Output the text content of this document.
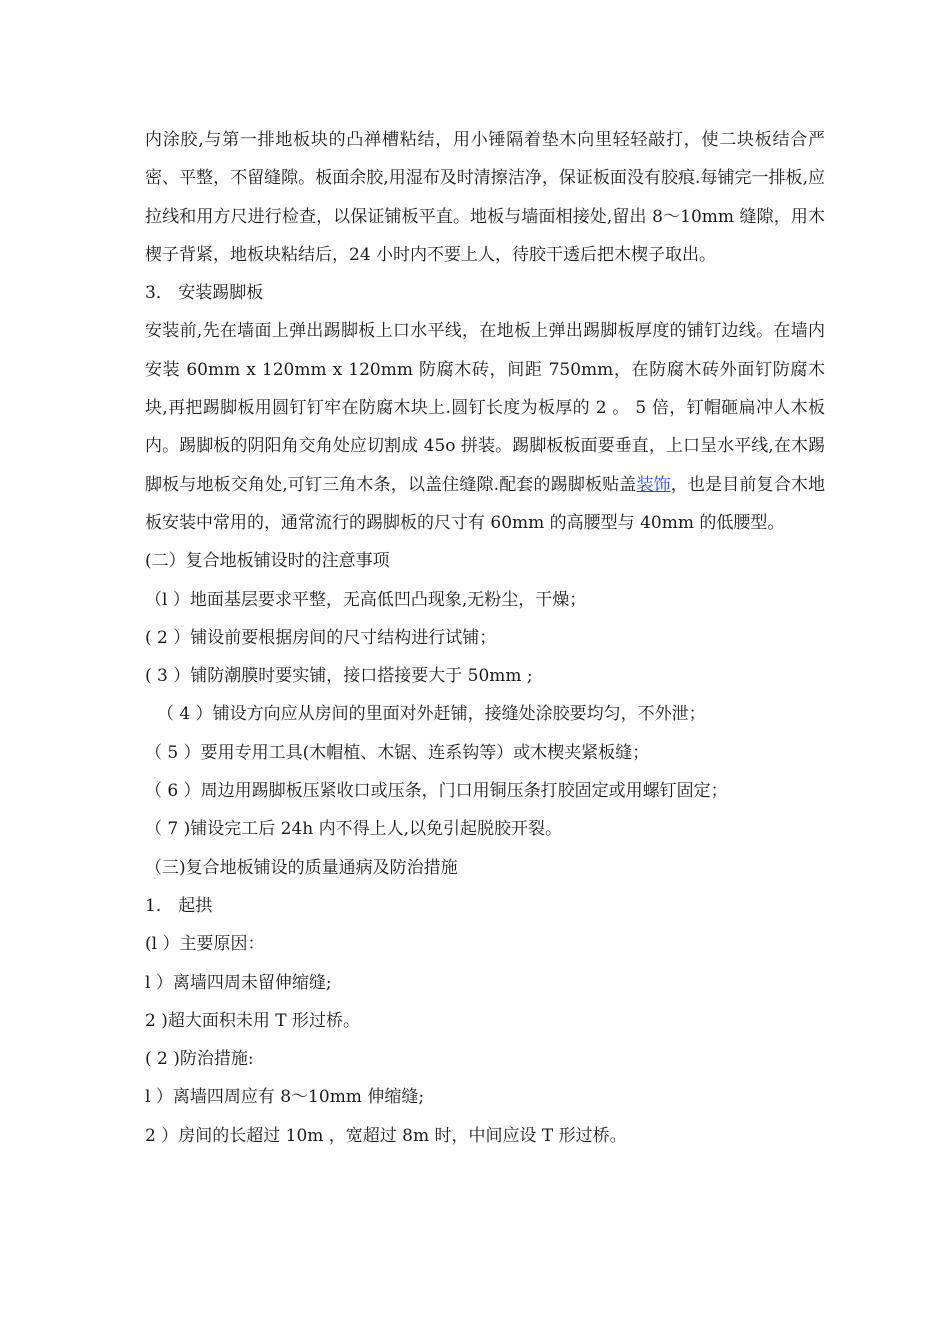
内涂胶,与第一排地板块的凸禅槽粘结，用小锤隔着垫木向里轻轻敲打，使二块板结合严密、平整，不留缝隙。板面余胶,用湿布及时清擦洁净，保证板面没有胶痕.每铺完一排板,应拉线和用方尺进行检查，以保证铺板平直。地板与墙面相接处,留出 8～10mm 缝隙，用木楔子背紧，地板块粘结后，24 小时内不要上人，待胶干透后把木楔子取出。

3． 安装踢脚板

安装前,先在墙面上弹出踢脚板上口水平线，在地板上弹出踢脚板厚度的铺钉边线。在墙内安装 60mm x 120mm x 120mm 防腐木砖，间距 750mm，在防腐木砖外面钉防腐木块,再把踢脚板用圆钉钉牢在防腐木块上.圆钉长度为板厚的 2 。 5 倍，钉帽砸扁冲人木板内。踢脚板的阴阳角交角处应切割成 45o 拼装。踢脚板板面要垂直，上口呈水平线,在木踢脚板与地板交角处,可钉三角木条，以盖住缝隙.配套的踢脚板贴盖装饰，也是目前复合木地板安装中常用的，通常流行的踢脚板的尺寸有 60mm 的高腰型与 40mm 的低腰型。

(二）复合地板铺设时的注意事项

（l ）地面基层要求平整，无高低凹凸现象,无粉尘，干燥；

( 2 ）铺设前要根据房间的尺寸结构进行试铺；

( 3 ）铺防潮膜时要实铺，接口搭接要大于 50mm ;

（ 4 ）铺设方向应从房间的里面对外赶铺，接缝处涂胶要均匀，不外泄；

（ 5 ）要用专用工具(木帽植、木锯、连系钩等）或木楔夹紧板缝；

（ 6 ）周边用踢脚板压紧收口或压条，门口用铜压条打胶固定或用螺钉固定；

（ 7 )铺设完工后 24h 内不得上人,以免引起脱胶开裂。

（三)复合地板铺设的质量通病及防治措施

1． 起拱

(l ）主要原因：

l ）离墙四周未留伸缩缝;

2 )超大面积未用 T 形过桥。

( 2 )防治措施:

l ）离墙四周应有 8～10mm 伸缩缝;

2 ）房间的长超过 10m ，宽超过 8m 时，中间应设 T 形过桥。
